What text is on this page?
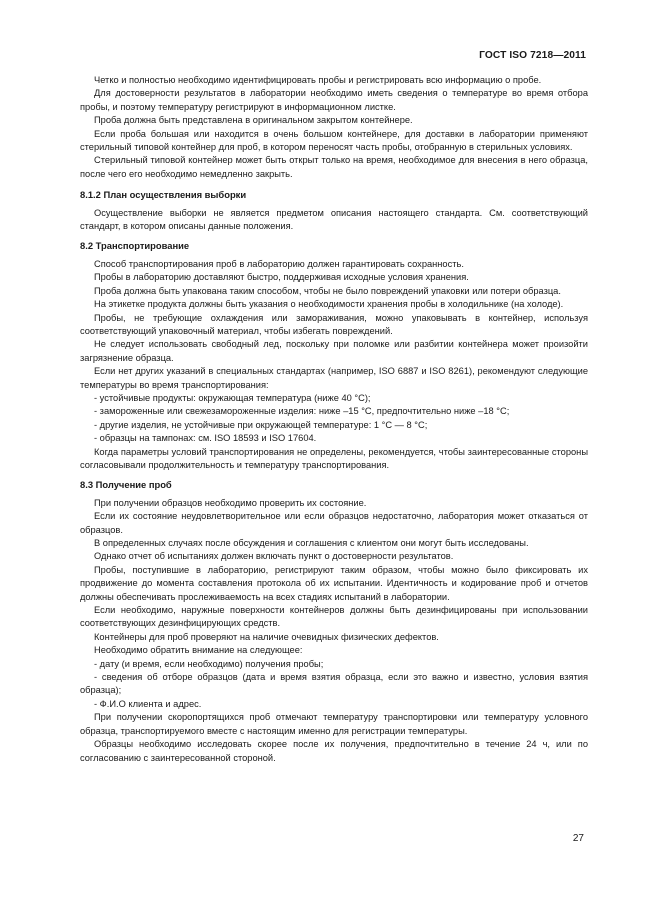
ГОСТ ISO 7218—2011

Четко и полностью необходимо идентифицировать пробы и регистрировать всю информацию о пробе.

Для достоверности результатов в лаборатории необходимо иметь сведения о температуре во время отбора пробы, и поэтому температуру регистрируют в информационном листке.

Проба должна быть представлена в оригинальном закрытом контейнере.

Если проба большая или находится в очень большом контейнере, для доставки в лаборатории применяют стерильный типовой контейнер для проб, в котором переносят часть пробы, отобранную в стерильных условиях.

Стерильный типовой контейнер может быть открыт только на время, необходимое для внесения в него образца, после чего его необходимо немедленно закрыть.

8.1.2 План осуществления выборки

Осуществление выборки не является предметом описания настоящего стандарта. См. соответствующий стандарт, в котором описаны данные положения.

8.2 Транспортирование

Способ транспортирования проб в лабораторию должен гарантировать сохранность.

Пробы в лабораторию доставляют быстро, поддерживая исходные условия хранения.

Проба должна быть упакована таким способом, чтобы не было повреждений упаковки или потери образца.

На этикетке продукта должны быть указания о необходимости хранения пробы в холодильнике (на холоде).

Пробы, не требующие охлаждения или замораживания, можно упаковывать в контейнер, используя соответствующий упаковочный материал, чтобы избегать повреждений.

Не следует использовать свободный лед, поскольку при поломке или разбитии контейнера может произойти загрязнение образца.

Если нет других указаний в специальных стандартах (например, ISO 6887 и ISO 8261), рекомендуют следующие температуры во время транспортирования:

- устойчивые продукты: окружающая температура (ниже 40 °С);

- замороженные или свежезамороженные изделия: ниже –15 °С, предпочтительно ниже –18 °С;

- другие изделия, не устойчивые при окружающей температуре: 1 °С — 8 °С;

- образцы на тампонах: см. ISO 18593 и ISO 17604.

Когда параметры условий транспортирования не определены, рекомендуется, чтобы заинтересованные стороны согласовывали продолжительность и температуру транспортирования.

8.3 Получение проб

При получении образцов необходимо проверить их состояние.

Если их состояние неудовлетворительное или если образцов недостаточно, лаборатория может отказаться от образцов.

В определенных случаях после обсуждения и соглашения с клиентом они могут быть исследованы.

Однако отчет об испытаниях должен включать пункт о достоверности результатов.

Пробы, поступившие в лабораторию, регистрируют таким образом, чтобы можно было фиксировать их продвижение до момента составления протокола об их испытании. Идентичность и кодирование проб и отчетов должны обеспечивать прослеживаемость на всех стадиях испытаний в лаборатории.

Если необходимо, наружные поверхности контейнеров должны быть дезинфицированы при использовании соответствующих дезинфицирующих средств.

Контейнеры для проб проверяют на наличие очевидных физических дефектов.

Необходимо обратить внимание на следующее:

- дату (и время, если необходимо) получения пробы;

- сведения об отборе образцов (дата и время взятия образца, если это важно и известно, условия взятия образца);

- Ф.И.О клиента и адрес.

При получении скоропортящихся проб отмечают температуру транспортировки или температуру условного образца, транспортируемого вместе с настоящим именно для регистрации температуры.

Образцы необходимо исследовать скорее после их получения, предпочтительно в течение 24 ч, или по согласованию с заинтересованной стороной.

27
